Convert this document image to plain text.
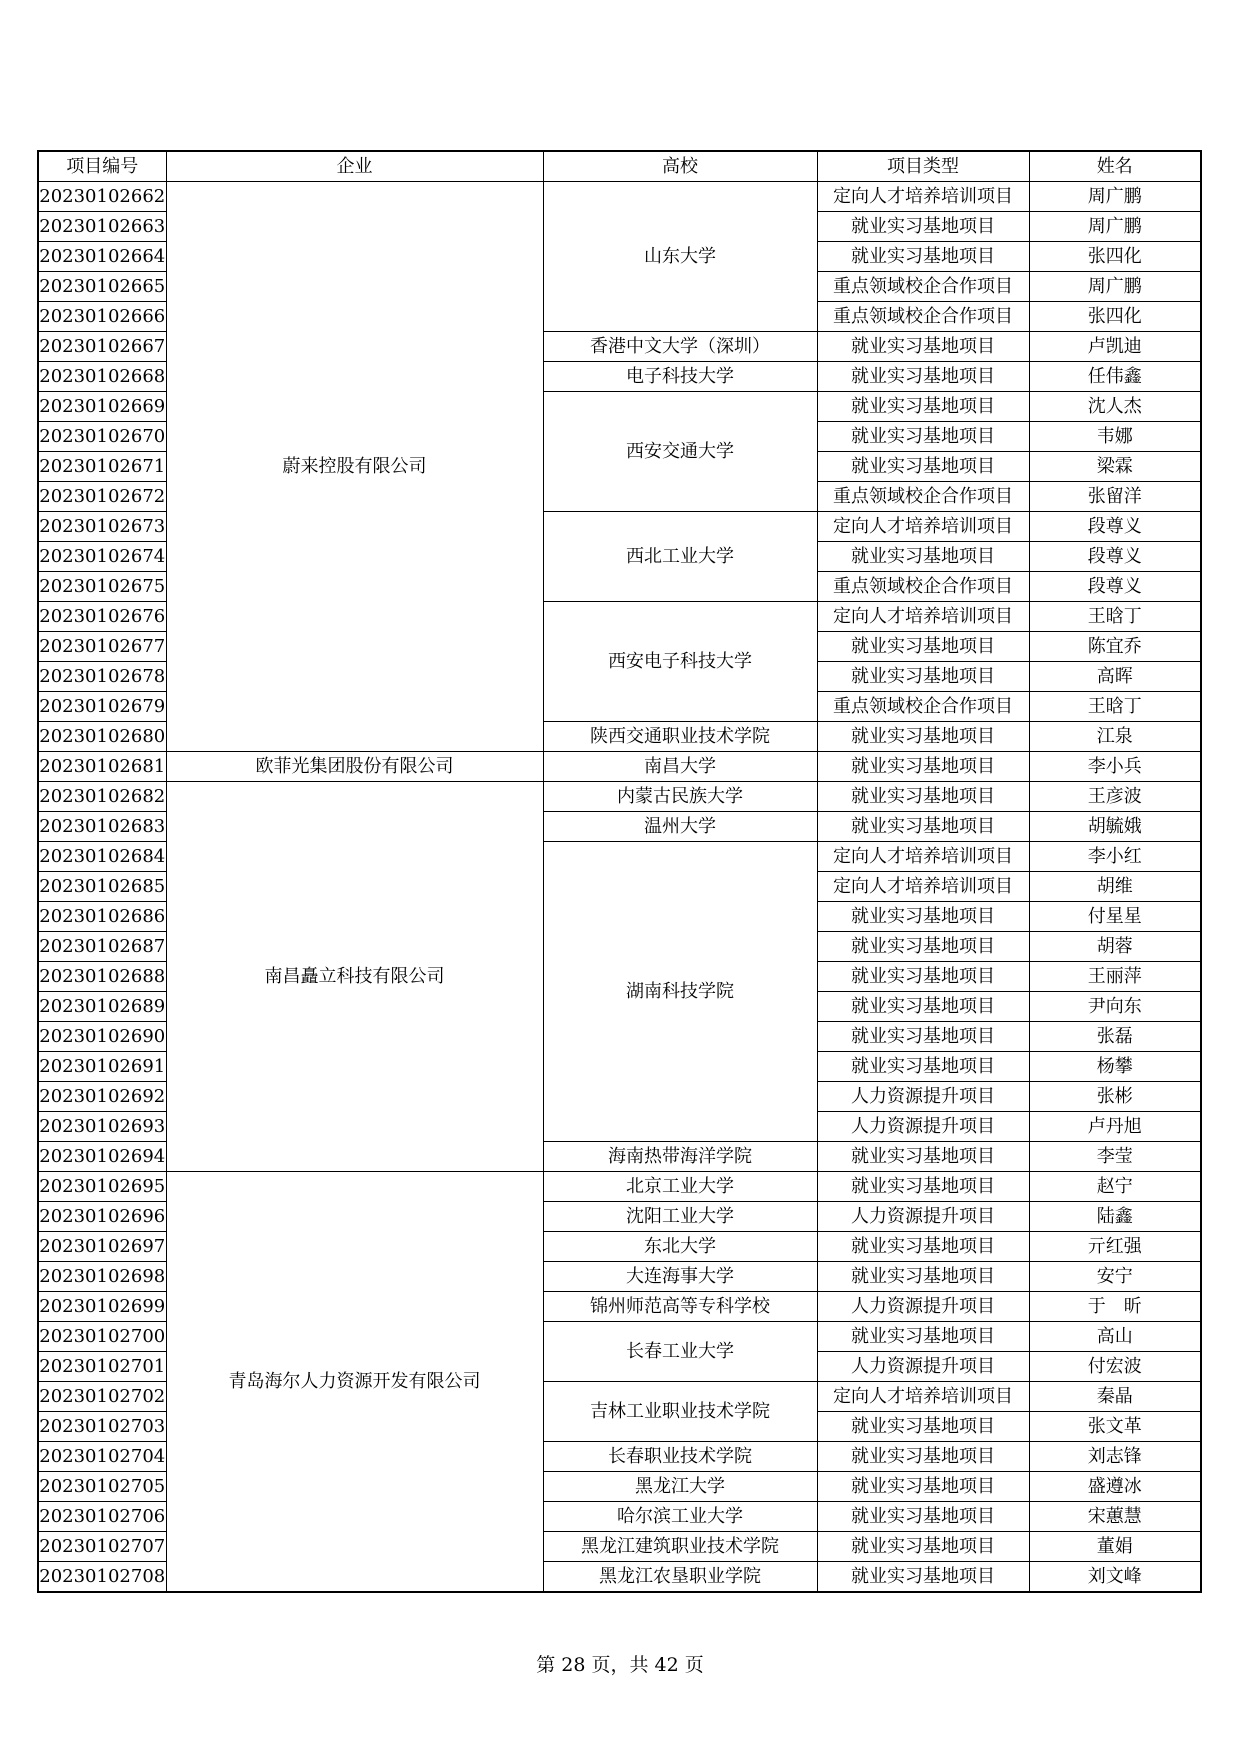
项目编号	企业	高校	项目类型	姓名
20230102662	蔚来控股有限公司	山东大学	定向人才培养培训项目	周广鹏
20230102663			就业实习基地项目	周广鹏
20230102664			就业实习基地项目	张四化
20230102665			重点领域校企合作项目	周广鹏
20230102666			重点领域校企合作项目	张四化
20230102667		香港中文大学（深圳）	就业实习基地项目	卢凯迪
20230102668		电子科技大学	就业实习基地项目	任伟鑫
20230102669		西安交通大学	就业实习基地项目	沈人杰
20230102670			就业实习基地项目	韦娜
20230102671			就业实习基地项目	梁霖
20230102672			重点领域校企合作项目	张留洋
20230102673		西北工业大学	定向人才培养培训项目	段尊义
20230102674			就业实习基地项目	段尊义
20230102675			重点领域校企合作项目	段尊义
20230102676		西安电子科技大学	定向人才培养培训项目	王晗丁
20230102677			就业实习基地项目	陈宜乔
20230102678			就业实习基地项目	高晖
20230102679			重点领域校企合作项目	王晗丁
20230102680		陕西交通职业技术学院	就业实习基地项目	江泉
20230102681	欧菲光集团股份有限公司	南昌大学	就业实习基地项目	李小兵
20230102682	南昌矗立科技有限公司	内蒙古民族大学	就业实习基地项目	王彦波
20230102683		温州大学	就业实习基地项目	胡毓娥
20230102684		湖南科技学院	定向人才培养培训项目	李小红
20230102685			定向人才培养培训项目	胡维
20230102686			就业实习基地项目	付星星
20230102687			就业实习基地项目	胡蓉
20230102688			就业实习基地项目	王丽萍
20230102689			就业实习基地项目	尹向东
20230102690			就业实习基地项目	张磊
20230102691			就业实习基地项目	杨攀
20230102692			人力资源提升项目	张彬
20230102693			人力资源提升项目	卢丹旭
20230102694		海南热带海洋学院	就业实习基地项目	李莹
20230102695	青岛海尔人力资源开发有限公司	北京工业大学	就业实习基地项目	赵宁
20230102696		沈阳工业大学	人力资源提升项目	陆鑫
20230102697		东北大学	就业实习基地项目	亓红强
20230102698		大连海事大学	就业实习基地项目	安宁
20230102699		锦州师范高等专科学校	人力资源提升项目	于　昕
20230102700		长春工业大学	就业实习基地项目	高山
20230102701			人力资源提升项目	付宏波
20230102702		吉林工业职业技术学院	定向人才培养培训项目	秦晶
20230102703			就业实习基地项目	张文革
20230102704		长春职业技术学院	就业实习基地项目	刘志锋
20230102705		黑龙江大学	就业实习基地项目	盛遵冰
20230102706		哈尔滨工业大学	就业实习基地项目	宋蕙慧
20230102707		黑龙江建筑职业技术学院	就业实习基地项目	董娟
20230102708		黑龙江农垦职业学院	就业实习基地项目	刘文峰
第 28 页，共 42 页
